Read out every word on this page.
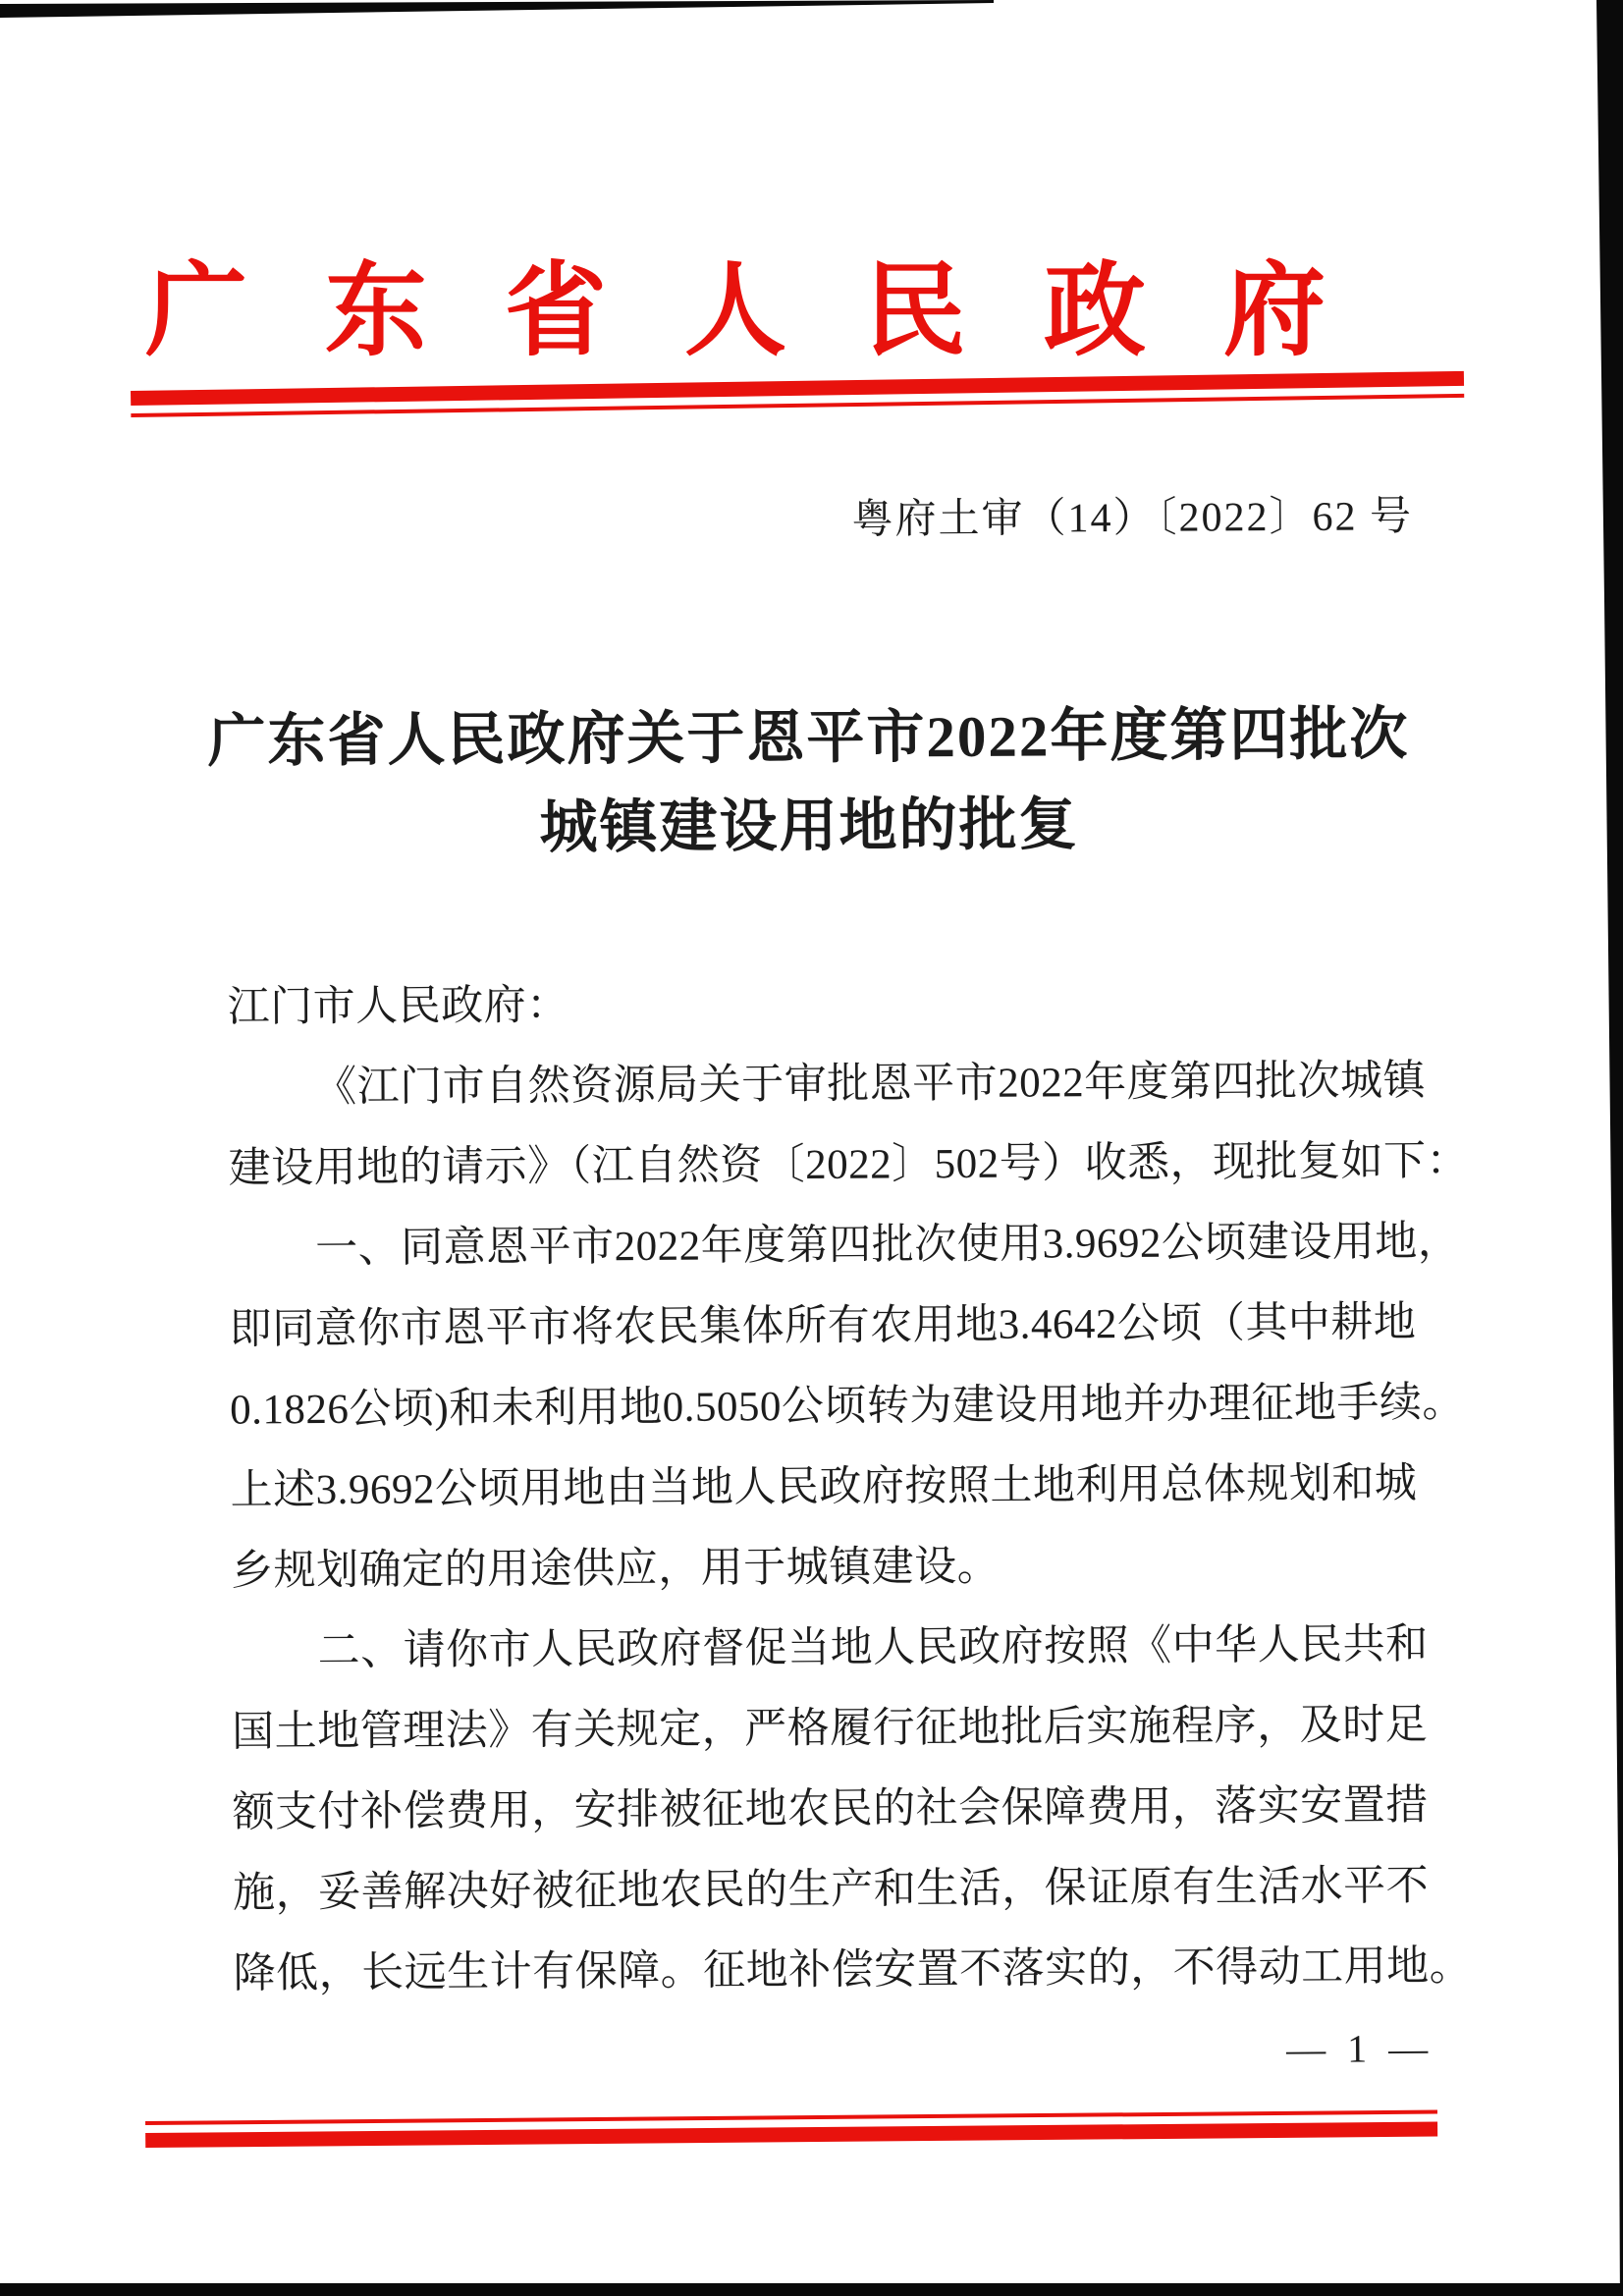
广东省人民政府
粤府土审（14）〔2022〕62 号
广东省人民政府关于恩平市2022年度第四批次
城镇建设用地的批复
江门市人民政府：
《江门市自然资源局关于审批恩平市2022年度第四批次城镇
建设用地的请示》（江自然资〔2022〕502号）收悉，现批复如下：
一、同意恩平市2022年度第四批次使用3.9692公顷建设用地，
即同意你市恩平市将农民集体所有农用地3.4642公顷（其中耕地
0.1826公顷)和未利用地0.5050公顷转为建设用地并办理征地手续。
上述3.9692公顷用地由当地人民政府按照土地利用总体规划和城
乡规划确定的用途供应，用于城镇建设。
二、请你市人民政府督促当地人民政府按照《中华人民共和
国土地管理法》有关规定，严格履行征地批后实施程序，及时足
额支付补偿费用，安排被征地农民的社会保障费用，落实安置措
施，妥善解决好被征地农民的生产和生活，保证原有生活水平不
降低，长远生计有保障。征地补偿安置不落实的，不得动工用地。
— 1 —
